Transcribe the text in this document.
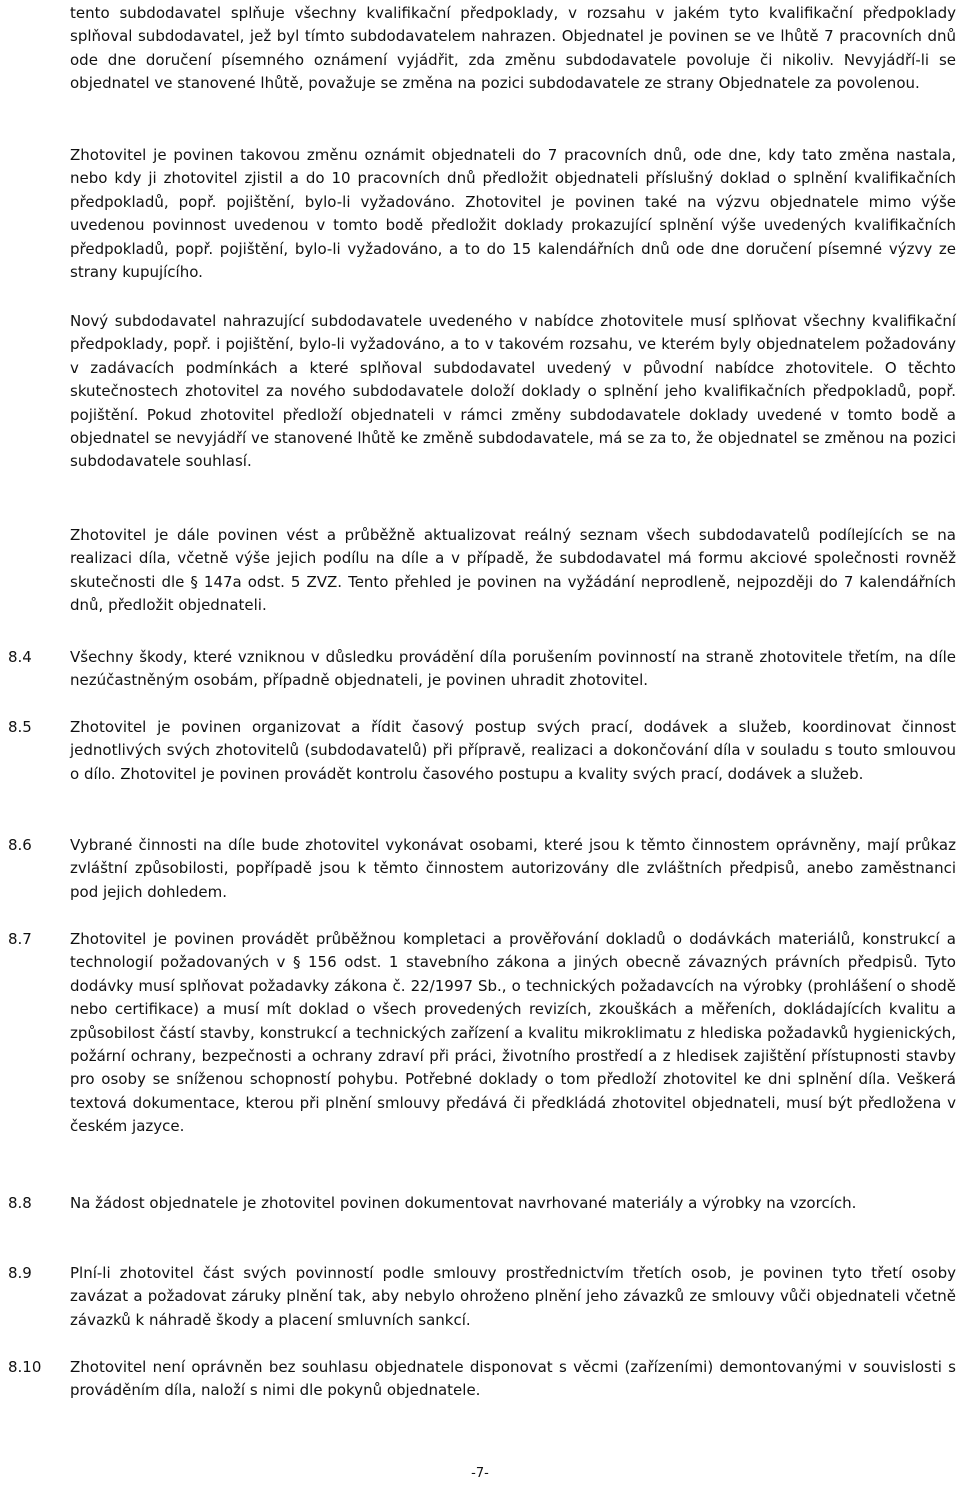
tento subdodavatel splňuje všechny kvalifikační předpoklady, v rozsahu v jakém tyto kvalifikační předpoklady splňoval subdodavatel, jež byl tímto subdodavatelem nahrazen. Objednatel je povinen se ve lhůtě 7 pracovních dnů ode dne doručení písemného oznámení vyjádřit, zda změnu subdodavatele povoluje či nikoliv. Nevyjádří-li se objednatel ve stanovené lhůtě, považuje se změna na pozici subdodavatele ze strany Objednatele za povolenou.

Zhotovitel je povinen takovou změnu oznámit objednateli do 7 pracovních dnů, ode dne, kdy tato změna nastala, nebo kdy ji zhotovitel zjistil a do 10 pracovních dnů předložit objednateli příslušný doklad o splnění kvalifikačních předpokladů, popř. pojištění, bylo-li vyžadováno. Zhotovitel je povinen také na výzvu objednatele mimo výše uvedenou povinnost uvedenou v tomto bodě předložit doklady prokazující splnění výše uvedených kvalifikačních předpokladů, popř. pojištění, bylo-li vyžadováno, a to do 15 kalendářních dnů ode dne doručení písemné výzvy ze strany kupujícího.

Nový subdodavatel nahrazující subdodavatele uvedeného v nabídce zhotovitele musí splňovat všechny kvalifikační předpoklady, popř. i pojištění, bylo-li vyžadováno, a to v takovém rozsahu, ve kterém byly objednatelem požadovány v zadávacích podmínkách a které splňoval subdodavatel uvedený v původní nabídce zhotovitele. O těchto skutečnostech zhotovitel za nového subdodavatele doloží doklady o splnění jeho kvalifikačních předpokladů, popř. pojištění. Pokud zhotovitel předloží objednateli v rámci změny subdodavatele doklady uvedené v tomto bodě a objednatel se nevyjádří ve stanovené lhůtě ke změně subdodavatele, má se za to, že objednatel se změnou na pozici subdodavatele souhlasí.

Zhotovitel je dále povinen vést a průběžně aktualizovat reálný seznam všech subdodavatelů podílejících se na realizaci díla, včetně výše jejich podílu na díle a v případě, že subdodavatel má formu akciové společnosti rovněž skutečnosti dle § 147a odst. 5 ZVZ. Tento přehled je povinen na vyžádání neprodleně, nejpozději do 7 kalendářních dnů, předložit objednateli.

8.4	Všechny škody, které vzniknou v důsledku provádění díla porušením povinností na straně zhotovitele třetím, na díle nezúčastněným osobám, případně objednateli, je povinen uhradit zhotovitel.

8.5	Zhotovitel je povinen organizovat a řídit časový postup svých prací, dodávek a služeb, koordinovat činnost jednotlivých svých zhotovitelů (subdodavatelů) při přípravě, realizaci a dokončování díla v souladu s touto smlouvou o dílo. Zhotovitel je povinen provádět kontrolu časového postupu a kvality svých prací, dodávek a služeb.

8.6	Vybrané činnosti na díle bude zhotovitel vykonávat osobami, které jsou k těmto činnostem oprávněny, mají průkaz zvláštní způsobilosti, popřípadě jsou k těmto činnostem autorizovány dle zvláštních předpisů, anebo zaměstnanci pod jejich dohledem.

8.7	Zhotovitel je povinen provádět průběžnou kompletaci a prověřování dokladů o dodávkách materiálů, konstrukcí a technologií požadovaných v § 156 odst. 1 stavebního zákona a jiných obecně závazných právních předpisů. Tyto dodávky musí splňovat požadavky zákona č. 22/1997 Sb., o technických požadavcích na výrobky (prohlášení o shodě nebo certifikace) a musí mít doklad o všech provedených revizích, zkouškách a měřeních, dokládajících kvalitu a způsobilost částí stavby, konstrukcí a technických zařízení a kvalitu mikroklimatu z hlediska požadavků hygienických, požární ochrany, bezpečnosti a ochrany zdraví při práci, životního prostředí a z hledisek zajištění přístupnosti stavby pro osoby se sníženou schopností pohybu. Potřebné doklady o tom předloží zhotovitel ke dni splnění díla. Veškerá textová dokumentace, kterou při plnění smlouvy předává či předkládá zhotovitel objednateli, musí být předložena v českém jazyce.

8.8	Na žádost objednatele je zhotovitel povinen dokumentovat navrhované materiály a výrobky na vzorcích.

8.9	Plní-li zhotovitel část svých povinností podle smlouvy prostřednictvím třetích osob, je povinen tyto třetí osoby zavázat a požadovat záruky plnění tak, aby nebylo ohroženo plnění jeho závazků ze smlouvy vůči objednateli včetně závazků k náhradě škody a placení smluvních sankcí.

8.10	Zhotovitel není oprávněn bez souhlasu objednatele disponovat s věcmi (zařízeními) demontovanými v souvislosti s prováděním díla, naloží s nimi dle pokynů objednatele.

-7-
